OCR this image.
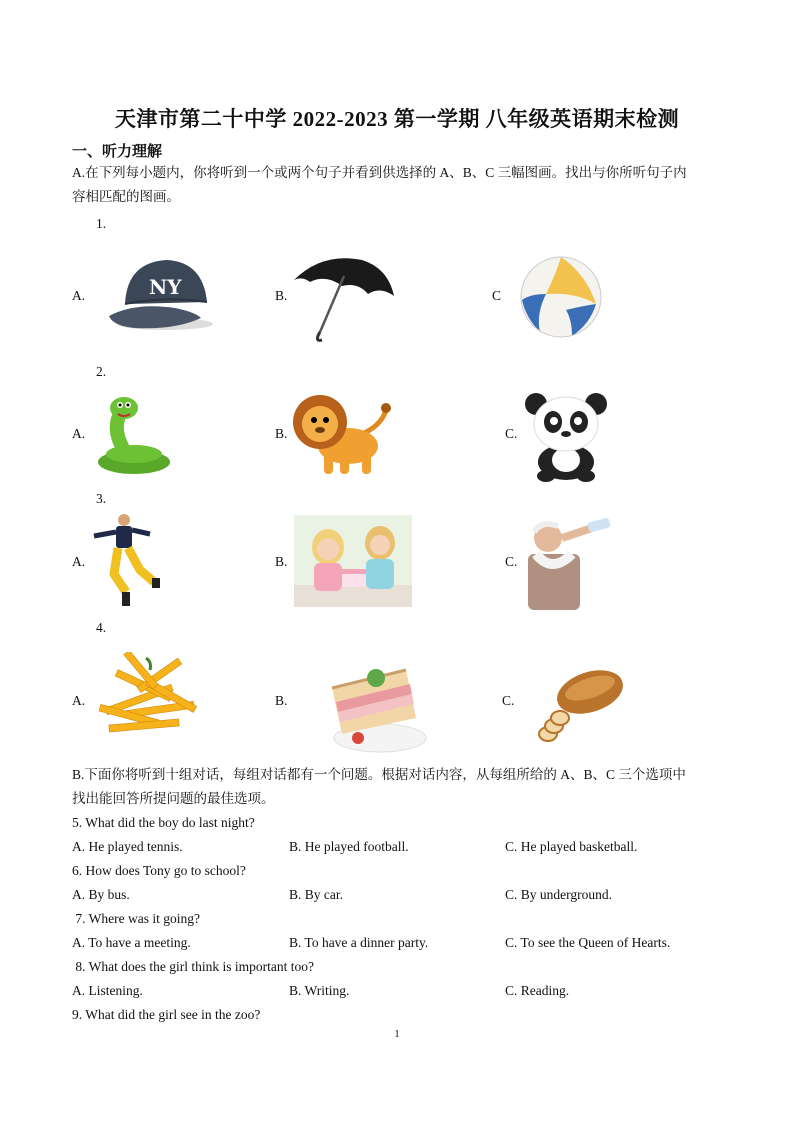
天津市第二十中学 2022-2023 第一学期 八年级英语期末检测
一、听力理解
A.在下列每小题内，你将听到一个或两个句子并看到供选择的 A、B、C 三幅图画。找出与你所听句子内
容相匹配的图画。
1.
A.	NY	B.	C
2.
A.	B.	C.
3.
A.	B.	C.
4.
A.	B.	C.
B.下面你将听到十组对话，每组对话都有一个问题。根据对话内容，从每组所给的 A、B、C 三个选项中
找出能回答所提问题的最佳选项。
5. What did the boy do last night?
A. He played tennis.	B. He played football.	C. He played basketball.
6. How does Tony go to school?
A. By bus.	B. By car.	C. By underground.
7. Where was it going?
A. To have a meeting.	B. To have a dinner party.	C. To see the Queen of Hearts.
8. What does the girl think is important too?
A. Listening.	B. Writing.	C. Reading.
9. What did the girl see in the zoo?
1
